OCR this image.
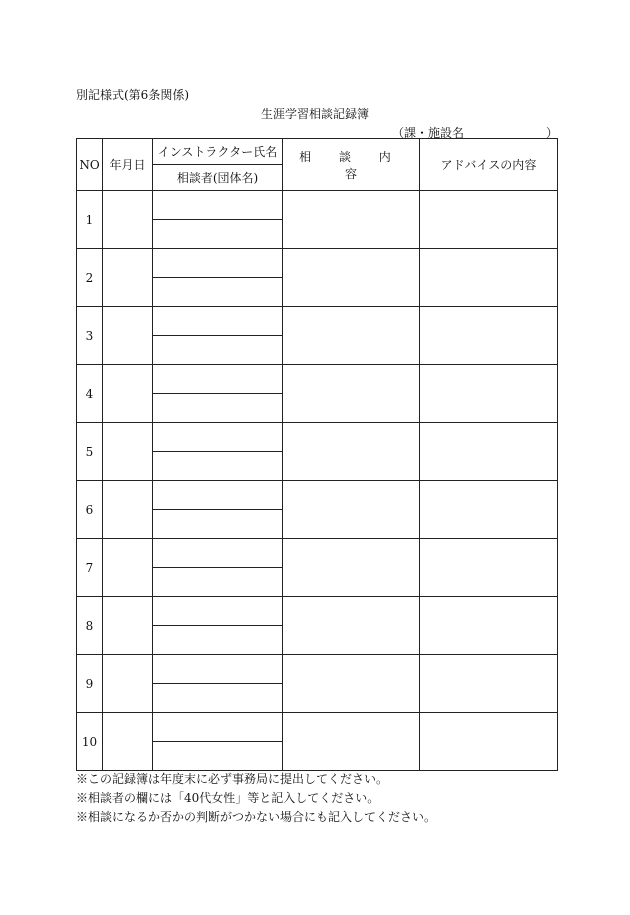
別記様式(第6条関係)
生涯学習相談記録簿
（課・施設名	）
NO	年月日	インストラクター氏名	相 談 内 容	アドバイスの内容
		相談者(団体名)		
1				

2				

3				

4				

5				

6				

7				

8				

9				

10				

※この記録簿は年度末に必ず事務局に提出してください。
※相談者の欄には「40代女性」等と記入してください。
※相談になるか否かの判断がつかない場合にも記入してください。
